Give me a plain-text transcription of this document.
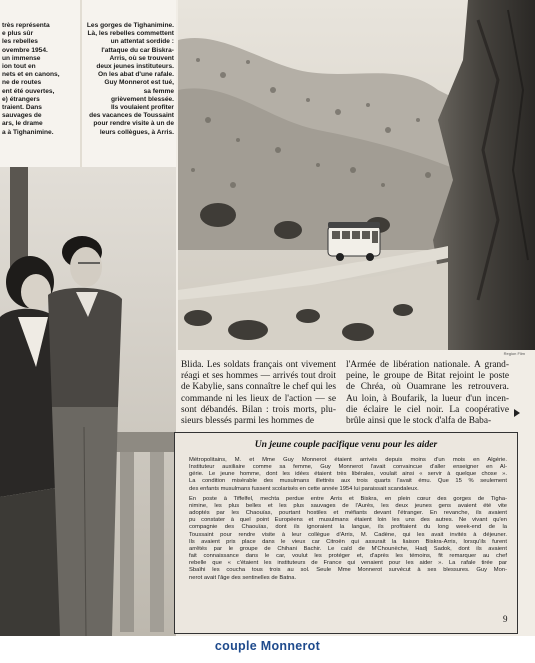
très représenta
e plus sûr
les rebelles
ovembre 1954.
un immense
ion tout en
nets et en canons,
ne de routes
ent été ouvertes,
e) étrangers
traient. Dans
sauvages de
ars, le drame
a à Tighanimine.
Les gorges de Tighanimine.
Là, les rebelles commettent
un attentat sordide :
l'attaque du car Biskra-
Arris, où se trouvent
deux jeunes instituteurs.
On les abat d'une rafale.
Guy Monnerot est tué,
sa femme
grièvement blessée.
Ils voulaient profiter
des vacances de Toussaint
pour rendre visite à un de
leurs collègues, à Arris.
Region Flim
Blida. Les soldats français ont vivement
réagi et ses hommes — arrivés tout droit
de Kabylie, sans connaître le chef qui les
commande ni les lieux de l'action — se
sont débandés. Bilan : trois morts, plu-
sieurs blessés parmi les hommes de
l'Armée de libération nationale. A grand-
peine, le groupe de Bitat rejoint le poste
de Chréa, où Ouamrane les retrouvera.
Au loin, à Boufarik, la lueur d'un incen-
die éclaire le ciel noir. La coopérative
brûle ainsi que le stock d'alfa de Baba-
Un jeune couple pacifique venu pour les aider
Métropolitains, M. et Mme Guy Monnerot étaient arrivés depuis moins d'un mois en Algérie.
Instituteur auxiliaire comme sa femme, Guy Monnerot l'avait convaincue d'aller enseigner en Al-
gérie. Le jeune homme, dont les idées étaient très libérales, voulait ainsi « servir à quelque chose ».
La condition misérable des musulmans illettrés aux trois quarts l'avait ému. Que 15 % seulement
des enfants musulmans fussent scolarisés en cette année 1954 lui paraissait scandaleux.
En poste à Tiffelfel, mechta perdue entre Arris et Biskra, en plein cœur des gorges de Tigha-
nimine, les plus belles et les plus sauvages de l'Aurès, les deux jeunes gens avaient été vite
adoptés par les Chaouïas, pourtant hostiles et méfiants devant l'étranger. En revanche, ils avaient
pu constater à quel point Européens et musulmans étaient loin les uns des autres. Ne vivant qu'en
compagnie des Chaouïas, dont ils ignoraient la langue, ils profitaient du long week-end de la
Toussaint pour rendre visite à leur collègue d'Arris, M. Cadène, qui les avait invités à déjeuner.
Ils avaient pris place dans le vieux car Citroën qui assurait la liaison Biskra-Arris, lorsqu'ils furent
arrêtés par le groupe de Chihani Bachir. Le caïd de M'Chounèche, Hadj Sadok, dont ils avaient
fait connaissance dans le car, voulut les protéger et, d'après les témoins, fit remarquer au chef
rebelle que « c'étaient les instituteurs de France qui venaient pour les aider ». La rafale tirée par
Sbaïhi les coucha tous trois au sol. Seule Mme Monnerot survécut à ses blessures. Guy Mon-
nerot avait l'âge des sentinelles de Batna.
9
couple Monnerot
